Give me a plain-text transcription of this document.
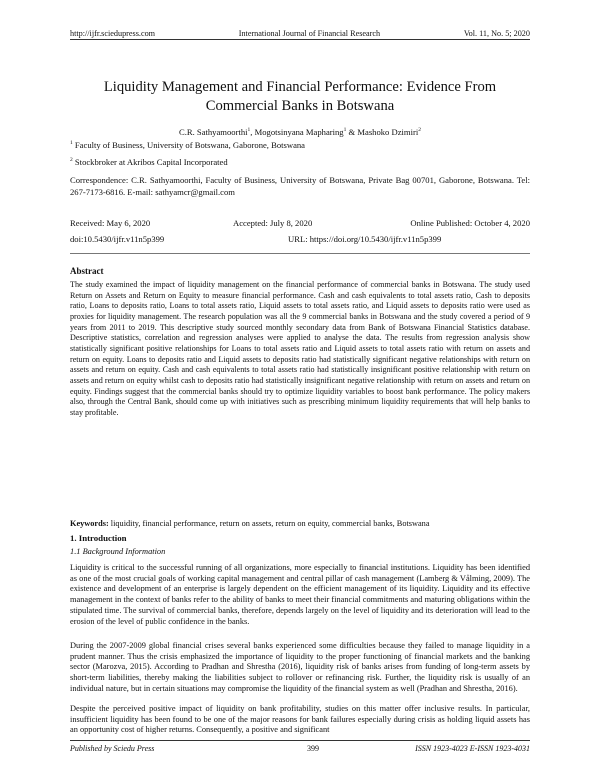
http://ijfr.sciedupress.com	International Journal of Financial Research	Vol. 11, No. 5; 2020
Liquidity Management and Financial Performance: Evidence From Commercial Banks in Botswana
C.R. Sathyamoorthi$^1$, Mogotsinyana Mapharing$^1$ & Mashoko Dzimiri$^2$
$^1$ Faculty of Business, University of Botswana, Gaborone, Botswana
$^2$ Stockbroker at Akribos Capital Incorporated
Correspondence: C.R. Sathyamoorthi, Faculty of Business, University of Botswana, Private Bag 00701, Gaborone, Botswana. Tel: 267-7173-6816. E-mail: sathyamcr@gmail.com
Received: May 6, 2020	Accepted: July 8, 2020	Online Published: October 4, 2020
doi:10.5430/ijfr.v11n5p399	URL: https://doi.org/10.5430/ijfr.v11n5p399
Abstract
The study examined the impact of liquidity management on the financial performance of commercial banks in Botswana. The study used Return on Assets and Return on Equity to measure financial performance. Cash and cash equivalents to total assets ratio, Cash to deposits ratio, Loans to deposits ratio, Loans to total assets ratio, Liquid assets to total assets ratio, and Liquid assets to deposits ratio were used as proxies for liquidity management. The research population was all the 9 commercial banks in Botswana and the study covered a period of 9 years from 2011 to 2019. This descriptive study sourced monthly secondary data from Bank of Botswana Financial Statistics database. Descriptive statistics, correlation and regression analyses were applied to analyse the data. The results from regression analysis show statistically significant positive relationships for Loans to total assets ratio and Liquid assets to total assets ratio with return on assets and return on equity. Loans to deposits ratio and Liquid assets to deposits ratio had statistically significant negative relationships with return on assets and return on equity. Cash and cash equivalents to total assets ratio had statistically insignificant positive relationship with return on assets and return on equity whilst cash to deposits ratio had statistically insignificant negative relationship with return on assets and return on equity. Findings suggest that the commercial banks should try to optimize liquidity variables to boost bank performance. The policy makers also, through the Central Bank, should come up with initiatives such as prescribing minimum liquidity requirements that will help banks to stay profitable.
Keywords: liquidity, financial performance, return on assets, return on equity, commercial banks, Botswana
1. Introduction
1.1 Background Information
Liquidity is critical to the successful running of all organizations, more especially to financial institutions. Liquidity has been identified as one of the most crucial goals of working capital management and central pillar of cash management (Lamberg & Vålming, 2009). The existence and development of an enterprise is largely dependent on the efficient management of its liquidity. Liquidity and its effective management in the context of banks refer to the ability of banks to meet their financial commitments and maturing obligations within the stipulated time. The survival of commercial banks, therefore, depends largely on the level of liquidity and its deterioration will lead to the erosion of the level of public confidence in the banks.
During the 2007-2009 global financial crises several banks experienced some difficulties because they failed to manage liquidity in a prudent manner. Thus the crisis emphasized the importance of liquidity to the proper functioning of financial markets and the banking sector (Marozva, 2015). According to Pradhan and Shrestha (2016), liquidity risk of banks arises from funding of long-term assets by short-term liabilities, thereby making the liabilities subject to rollover or refinancing risk. Further, the liquidity risk is usually of an individual nature, but in certain situations may compromise the liquidity of the financial system as well (Pradhan and Shrestha, 2016).
Despite the perceived positive impact of liquidity on bank profitability, studies on this matter offer inclusive results. In particular, insufficient liquidity has been found to be one of the major reasons for bank failures especially during crisis as holding liquid assets has an opportunity cost of higher returns. Consequently, a positive and significant
Published by Sciedu Press	399	ISSN 1923-4023 E-ISSN 1923-4031
